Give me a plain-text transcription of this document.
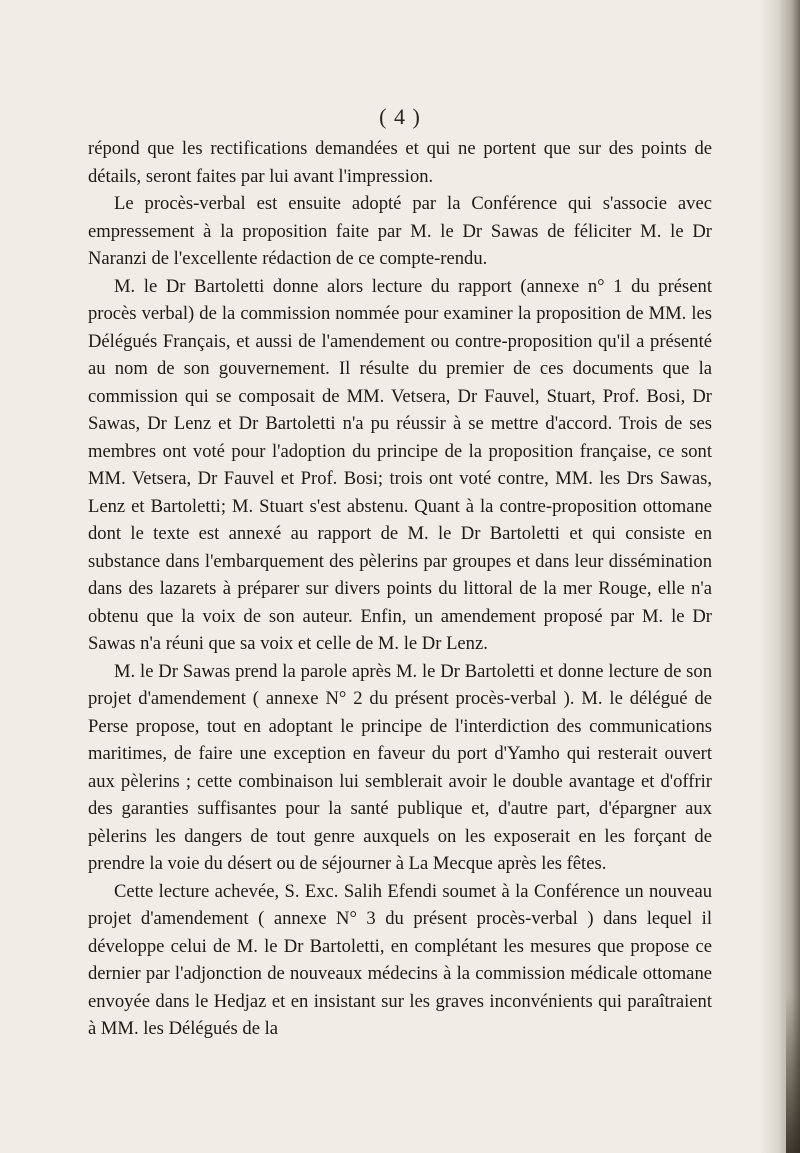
( 4 )

répond que les rectifications demandées et qui ne portent que sur des points de détails, seront faites par lui avant l'impression.

Le procès-verbal est ensuite adopté par la Conférence qui s'associe avec empressement à la proposition faite par M. le Dr Sawas de féliciter M. le Dr Naranzi de l'excellente rédaction de ce compte-rendu.

M. le Dr Bartoletti donne alors lecture du rapport (annexe n° 1 du présent procès verbal) de la commission nommée pour examiner la proposition de MM. les Délégués Français, et aussi de l'amendement ou contre-proposition qu'il a présenté au nom de son gouvernement. Il résulte du premier de ces documents que la commission qui se composait de MM. Vetsera, Dr Fauvel, Stuart, Prof. Bosi, Dr Sawas, Dr Lenz et Dr Bartoletti n'a pu réussir à se mettre d'accord. Trois de ses membres ont voté pour l'adoption du principe de la proposition française, ce sont MM. Vetsera, Dr Fauvel et Prof. Bosi; trois ont voté contre, MM. les Drs Sawas, Lenz et Bartoletti; M. Stuart s'est abstenu. Quant à la contre-proposition ottomane dont le texte est annexé au rapport de M. le Dr Bartoletti et qui consiste en substance dans l'embarquement des pèlerins par groupes et dans leur dissémination dans des lazarets à préparer sur divers points du littoral de la mer Rouge, elle n'a obtenu que la voix de son auteur. Enfin, un amendement proposé par M. le Dr Sawas n'a réuni que sa voix et celle de M. le Dr Lenz.

M. le Dr Sawas prend la parole après M. le Dr Bartoletti et donne lecture de son projet d'amendement ( annexe N° 2 du présent procès-verbal ). M. le délégué de Perse propose, tout en adoptant le principe de l'interdiction des communications maritimes, de faire une exception en faveur du port d'Yamho qui resterait ouvert aux pèlerins ; cette combinaison lui semblerait avoir le double avantage et d'offrir des garanties suffisantes pour la santé publique et, d'autre part, d'épargner aux pèlerins les dangers de tout genre auxquels on les exposerait en les forçant de prendre la voie du désert ou de séjourner à La Mecque après les fêtes.

Cette lecture achevée, S. Exc. Salih Efendi soumet à la Conférence un nouveau projet d'amendement ( annexe N° 3 du présent procès-verbal ) dans lequel il développe celui de M. le Dr Bartoletti, en complétant les mesures que propose ce dernier par l'adjonction de nouveaux médecins à la commission médicale ottomane envoyée dans le Hedjaz et en insistant sur les graves inconvénients qui paraîtraient à MM. les Délégués de la
